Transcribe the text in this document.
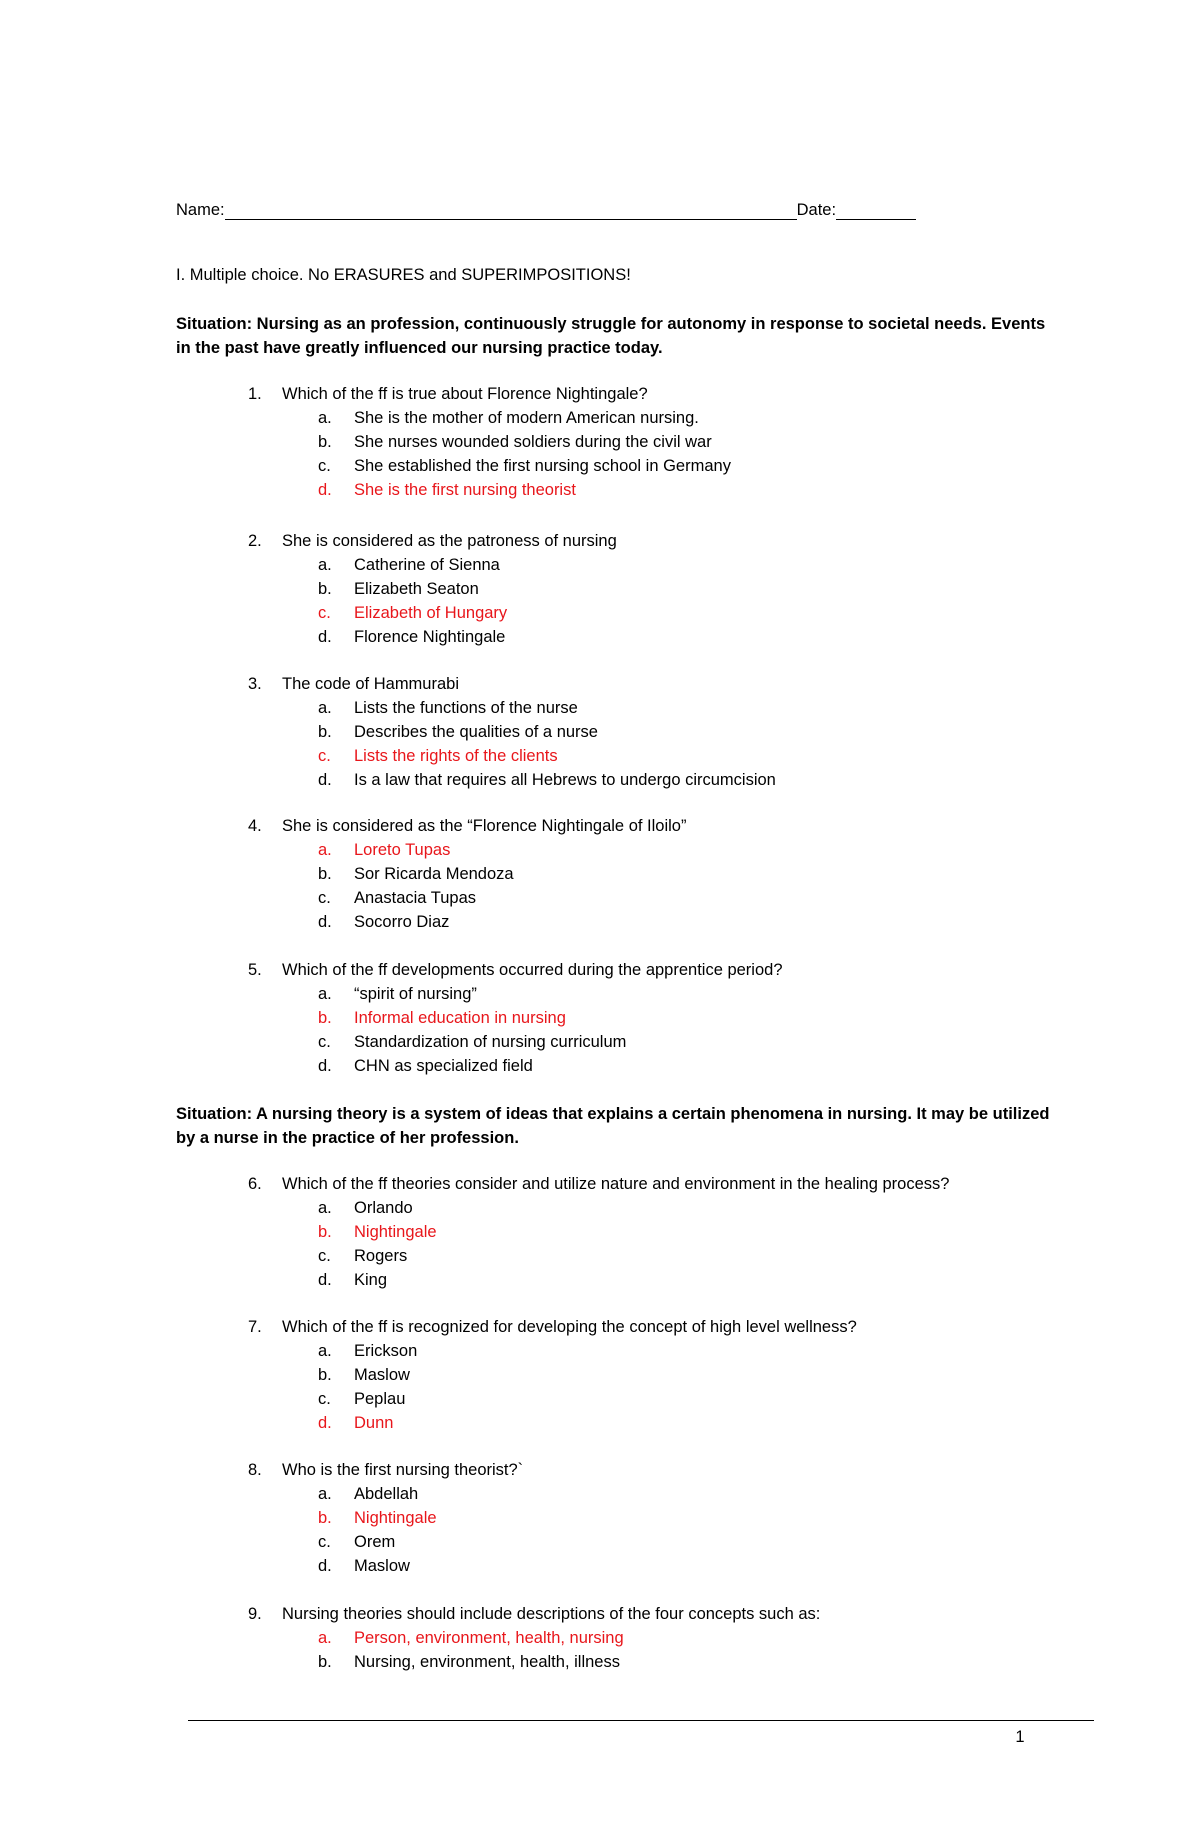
Name:	Date:
I. Multiple choice. No ERASURES and SUPERIMPOSITIONS!
Situation: Nursing as an profession, continuously struggle for autonomy in response to societal needs. Events in the past have greatly influenced our nursing practice today.
Situation: A nursing theory is a system of ideas that explains a certain phenomena in nursing. It may be utilized by a nurse in the practice of her profession.
1
1.	Which of the ff is true about Florence Nightingale?
a.	She is the mother of modern American nursing.
b.	She nurses wounded soldiers during the civil war
c.	She established the first nursing school in Germany
d.	She is the first nursing theorist
2.	She is considered as the patroness of nursing
a.	Catherine of Sienna
b.	Elizabeth Seaton
c.	Elizabeth of Hungary
d.	Florence Nightingale
3.	The code of Hammurabi
a.	Lists the functions of the nurse
b.	Describes the qualities of a nurse
c.	Lists the rights of the clients
d.	Is a law that requires all Hebrews to undergo circumcision
4.	She is considered as the “Florence Nightingale of Iloilo”
a.	Loreto Tupas
b.	Sor Ricarda Mendoza
c.	Anastacia Tupas
d.	Socorro Diaz
5.	Which of the ff developments occurred during the apprentice period?
a.	“spirit of nursing”
b.	Informal education in nursing
c.	Standardization of nursing curriculum
d.	CHN as specialized field
6.	Which of the ff theories consider and utilize nature and environment in the healing process?
a.	Orlando
b.	Nightingale
c.	Rogers
d.	King
7.	Which of the ff is recognized for developing the concept of high level wellness?
a.	Erickson
b.	Maslow
c.	Peplau
d.	Dunn
8.	Who is the first nursing theorist?`
a.	Abdellah
b.	Nightingale
c.	Orem
d.	Maslow
9.	Nursing theories should include descriptions of the four concepts such as:
a.	Person, environment, health, nursing
b.	Nursing, environment, health, illness
